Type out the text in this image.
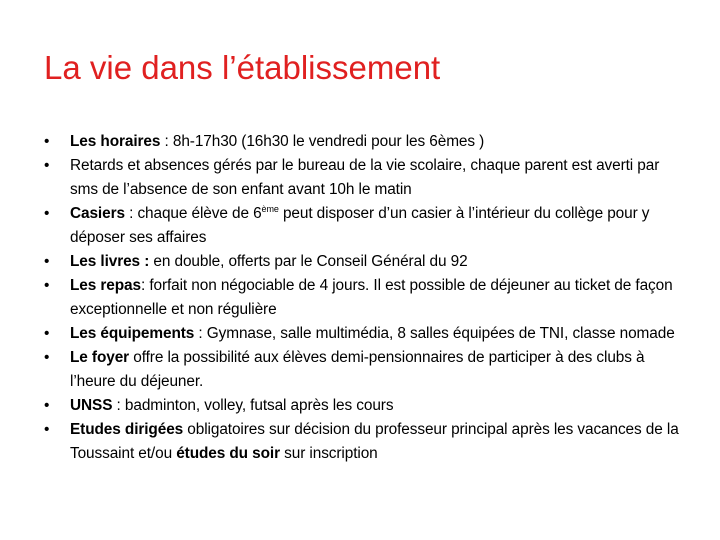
La vie dans l’établissement
•	Les horaires : 8h-17h30 (16h30 le vendredi pour les 6èmes )
•	Retards et absences gérés par le bureau de la vie scolaire, chaque parent est averti par sms de l’absence de son enfant avant 10h le matin
•	Casiers : chaque élève de 6ème peut disposer d’un casier à l’intérieur du collège pour y déposer ses affaires
•	Les livres : en double, offerts par le Conseil Général du 92
•	Les repas: forfait non négociable de 4 jours. Il est possible de déjeuner au ticket de façon exceptionnelle et non régulière
•	Les équipements : Gymnase, salle multimédia, 8 salles équipées de TNI, classe nomade
•	Le foyer offre la possibilité aux élèves demi-pensionnaires de participer à des clubs à l’heure du déjeuner.
•	UNSS : badminton, volley, futsal après les cours
•	Etudes dirigées obligatoires sur décision du professeur principal après les vacances de la Toussaint et/ou études du soir sur inscription
